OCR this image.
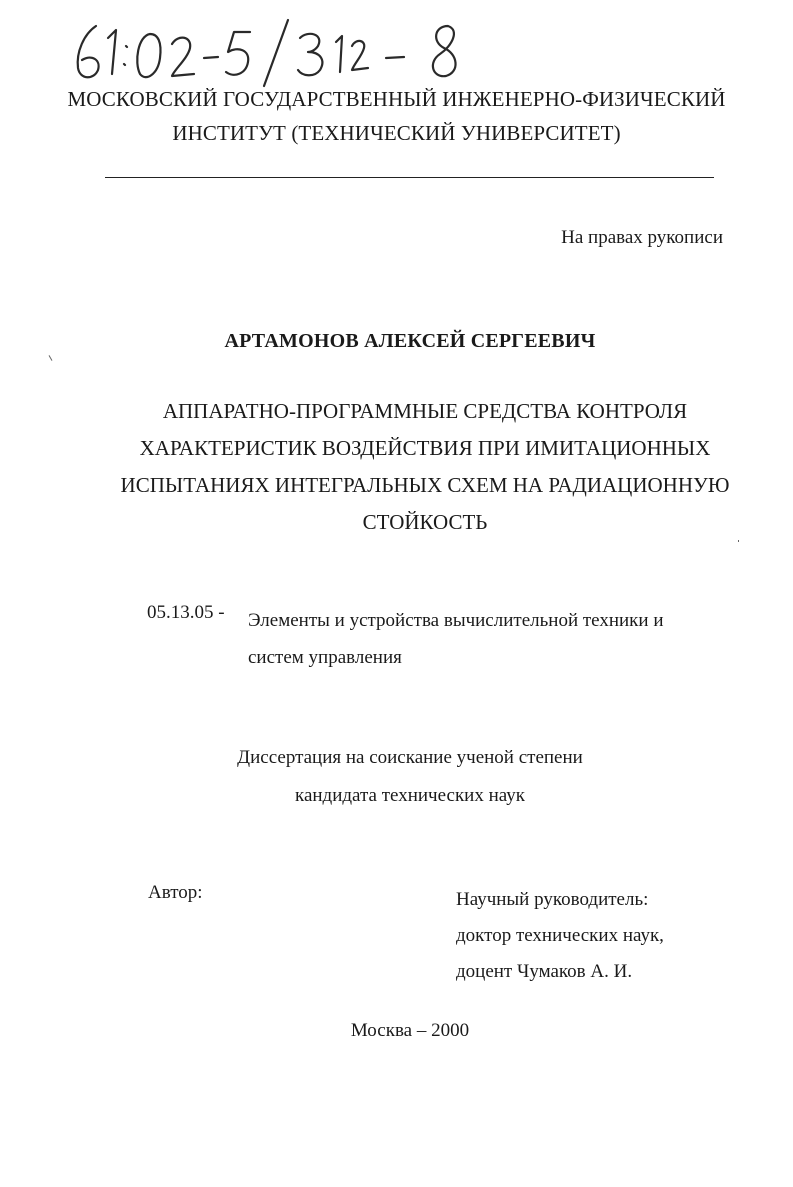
МОСКОВСКИЙ ГОСУДАРСТВЕННЫЙ ИНЖЕНЕРНО-ФИЗИЧЕСКИЙ
ИНСТИТУТ (ТЕХНИЧЕСКИЙ УНИВЕРСИТЕТ)
На правах рукописи
АРТАМОНОВ АЛЕКСЕЙ СЕРГЕЕВИЧ
АППАРАТНО-ПРОГРАММНЫЕ СРЕДСТВА КОНТРОЛЯ
ХАРАКТЕРИСТИК ВОЗДЕЙСТВИЯ ПРИ ИМИТАЦИОННЫХ
ИСПЫТАНИЯХ ИНТЕГРАЛЬНЫХ СХЕМ НА РАДИАЦИОННУЮ
СТОЙКОСТЬ
05.13.05 - Элементы и устройства вычислительной техники и
систем управления
Диссертация на соискание ученой степени
кандидата технических наук
Автор:	Научный руководитель:
доктор технических наук,
доцент Чумаков А. И.
Москва – 2000
